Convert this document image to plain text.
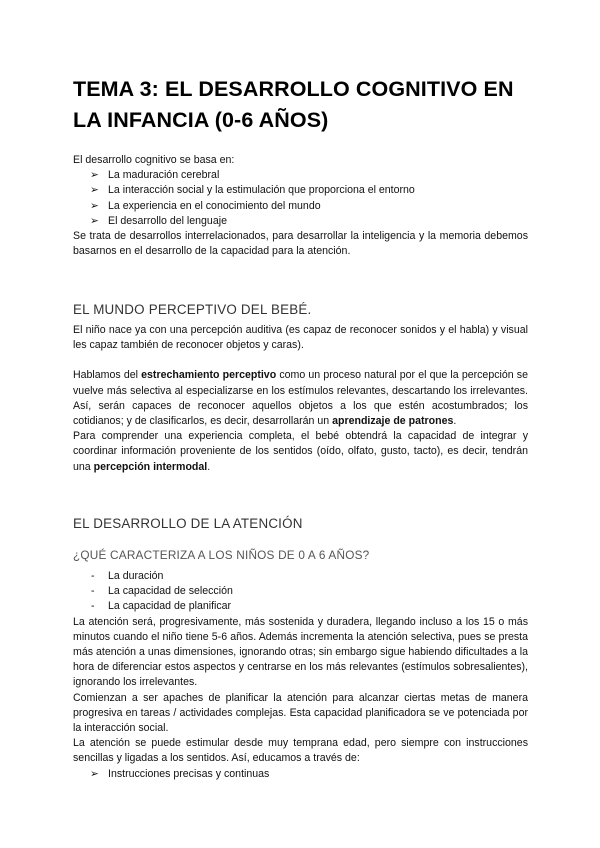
TEMA 3: EL DESARROLLO COGNITIVO EN LA INFANCIA (0-6 AÑOS)

El desarrollo cognitivo se basa en:

➢ La maduración cerebral
➢ La interacción social y la estimulación que proporciona el entorno
➢ La experiencia en el conocimiento del mundo
➢ El desarrollo del lenguaje

Se trata de desarrollos interrelacionados, para desarrollar la inteligencia y la memoria debemos basarnos en el desarrollo de la capacidad para la atención.

EL MUNDO PERCEPTIVO DEL BEBÉ.

El niño nace ya con una percepción auditiva (es capaz de reconocer sonidos y el habla) y visual les capaz también de reconocer objetos y caras).

Hablamos del estrechamiento perceptivo como un proceso natural por el que la percepción se vuelve más selectiva al especializarse en los estímulos relevantes, descartando los irrelevantes. Así, serán capaces de reconocer aquellos objetos a los que estén acostumbrados; los cotidianos; y de clasificarlos, es decir, desarrollarán un aprendizaje de patrones.

Para comprender una experiencia completa, el bebé obtendrá la capacidad de integrar y coordinar información proveniente de los sentidos (oído, olfato, gusto, tacto), es decir, tendrán una percepción intermodal.

EL DESARROLLO DE LA ATENCIÓN
¿QUÉ CARACTERIZA A LOS NIÑOS DE 0 A 6 AÑOS?
- La duración
- La capacidad de selección
- La capacidad de planificar

La atención será, progresivamente, más sostenida y duradera, llegando incluso a los 15 o más minutos cuando el niño tiene 5-6 años. Además incrementa la atención selectiva, pues se presta más atención a unas dimensiones, ignorando otras; sin embargo sigue habiendo dificultades a la hora de diferenciar estos aspectos y centrarse en los más relevantes (estímulos sobresalientes), ignorando los irrelevantes.

Comienzan a ser apaches de planificar la atención para alcanzar ciertas metas de manera progresiva en tareas / actividades complejas. Esta capacidad planificadora se ve potenciada por la interacción social.

La atención se puede estimular desde muy temprana edad, pero siempre con instrucciones sencillas y ligadas a los sentidos. Así, educamos a través de:

➢ Instrucciones precisas y continuas
